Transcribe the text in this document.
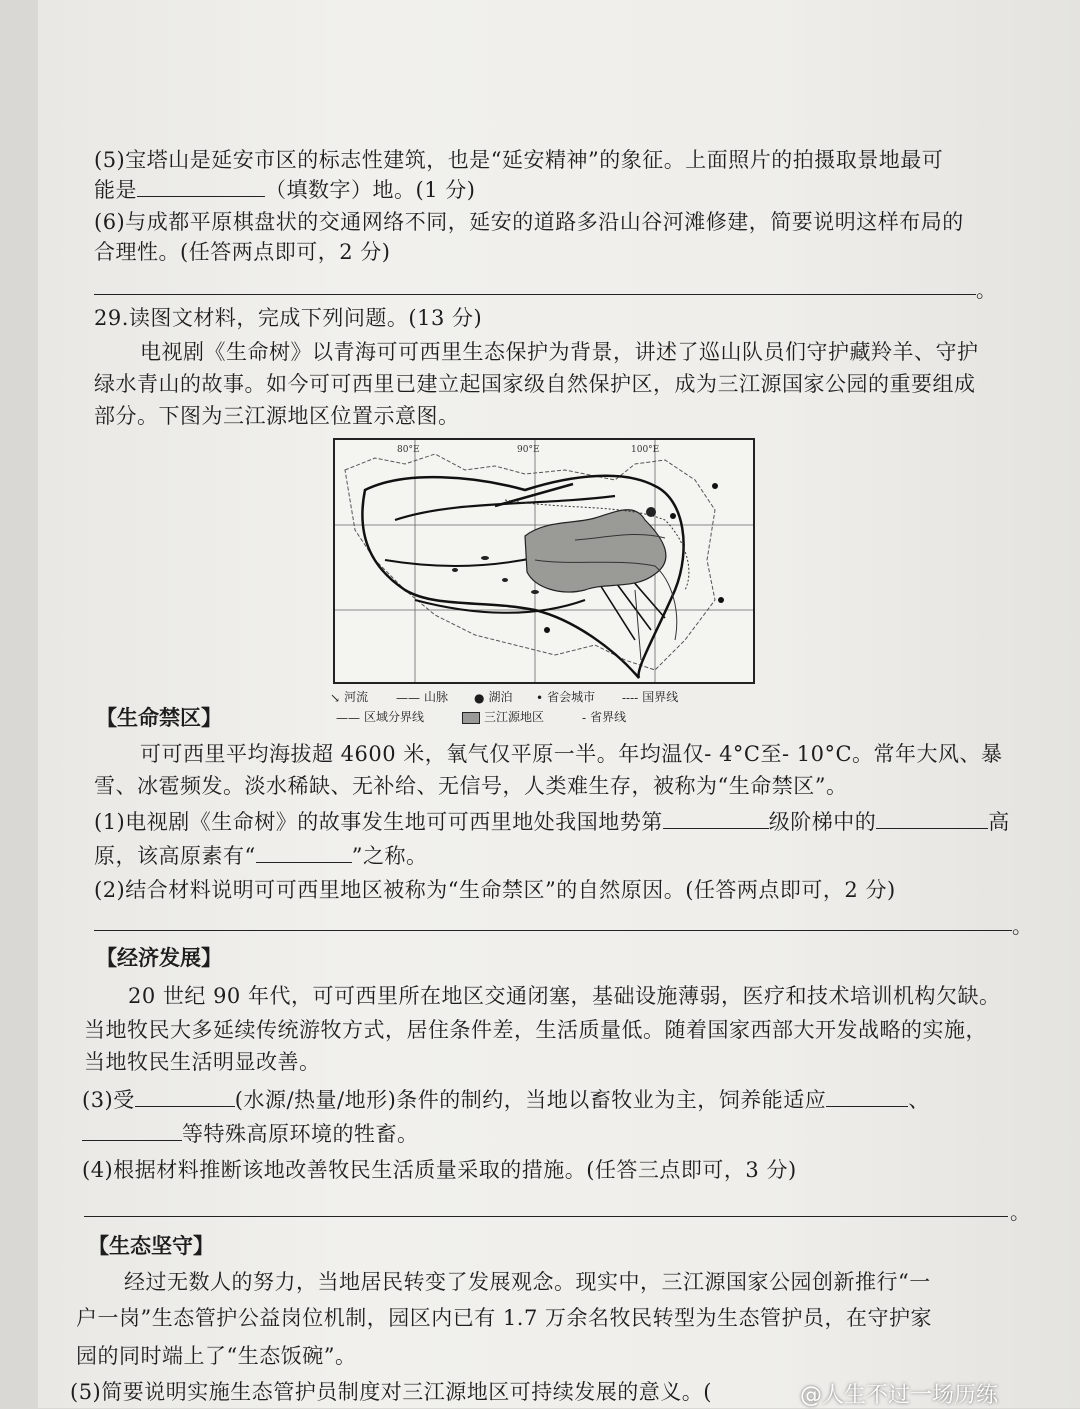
(5)宝塔山是延安市区的标志性建筑，也是“延安精神”的象征。上面照片的拍摄取景地最可
能是	（填数字）地。(1 分)
(6)与成都平原棋盘状的交通网络不同，延安的道路多沿山谷河滩修建，简要说明这样布局的
合理性。(任答两点即可，2 分)
。
29.读图文材料，完成下列问题。(13 分)
电视剧《生命树》以青海可可西里生态保护为背景，讲述了巡山队员们守护藏羚羊、守护
绿水青山的故事。如今可可西里已建立起国家级自然保护区，成为三江源国家公园的重要组成
部分。下图为三江源地区位置示意图。
80°E	90°E	100°E
↘ 河流 —— 山脉 ● 湖泊 • 省会城市 ---- 国界线
—— 区域分界线	三江源地区	‐ 省界线
【生命禁区】
可可西里平均海拔超 4600 米，氧气仅平原一半。年均温仅- 4°C至- 10°C。常年大风、暴
雪、冰雹频发。淡水稀缺、无补给、无信号，人类难生存，被称为“生命禁区”。
(1)电视剧《生命树》的故事发生地可可西里地处我国地势第	级阶梯中的	高
原，该高原素有“	”之称。
(2)结合材料说明可可西里地区被称为“生命禁区”的自然原因。(任答两点即可，2 分)
。
【经济发展】
20 世纪 90 年代，可可西里所在地区交通闭塞，基础设施薄弱，医疗和技术培训机构欠缺。
当地牧民大多延续传统游牧方式，居住条件差，生活质量低。随着国家西部大开发战略的实施，
当地牧民生活明显改善。
(3)受	(水源/热量/地形)条件的制约，当地以畜牧业为主，饲养能适应	、
等特殊高原环境的牲畜。
(4)根据材料推断该地改善牧民生活质量采取的措施。(任答三点即可，3 分)
。
【生态坚守】
经过无数人的努力，当地居民转变了发展观念。现实中，三江源国家公园创新推行“一
户一岗”生态管护公益岗位机制，园区内已有 1.7 万余名牧民转型为生态管护员，在守护家
园的同时端上了“生态饭碗”。
(5)简要说明实施生态管护员制度对三江源地区可持续发展的意义。(	@人生不过一场历练
